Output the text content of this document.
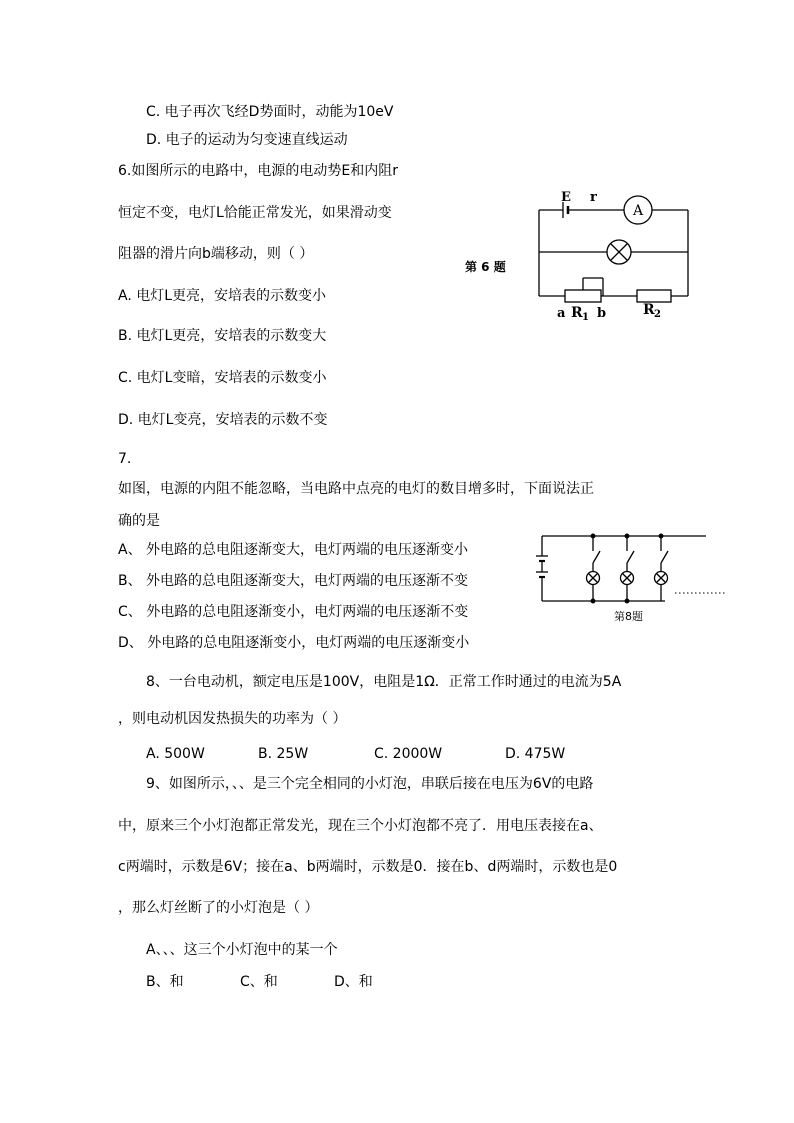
C. 电子再次飞经D势面时，动能为10eV
D. 电子的运动为匀变速直线运动
6.如图所示的电路中，电源的电动势E和内阻r
恒定不变，电灯L恰能正常发光，如果滑动变
阻器的滑片向b端移动，则（ ）
A. 电灯L更亮，安培表的示数变小
B. 电灯L更亮，安培表的示数变大
C. 电灯L变暗，安培表的示数变小
D. 电灯L变亮，安培表的示数不变
A
E r
a R 1 b	R 2
第 6 题
7.
如图，电源的内阻不能忽略，当电路中点亮的电灯的数目增多时，下面说法正
确的是
A、 外电路的总电阻逐渐变大，电灯两端的电压逐渐变小
B、 外电路的总电阻逐渐变大，电灯两端的电压逐渐不变
C、 外电路的总电阻逐渐变小，电灯两端的电压逐渐不变
D、 外电路的总电阻逐渐变小，电灯两端的电压逐渐变小
第8题
8、一台电动机，额定电压是100V，电阻是1Ω．正常工作时通过的电流为5A
，则电动机因发热损失的功率为（ ）
A. 500W	B. 25W	C. 2000W	D. 475W
9、如图所示，、、是三个完全相同的小灯泡，串联后接在电压为6V的电路
中，原来三个小灯泡都正常发光，现在三个小灯泡都不亮了．用电压表接在a、
c两端时，示数是6V；接在a、b两端时，示数是0．接在b、d两端时，示数也是0
，那么灯丝断了的小灯泡是（ ）
A、、、这三个小灯泡中的某一个
B、和	C、和	D、和
